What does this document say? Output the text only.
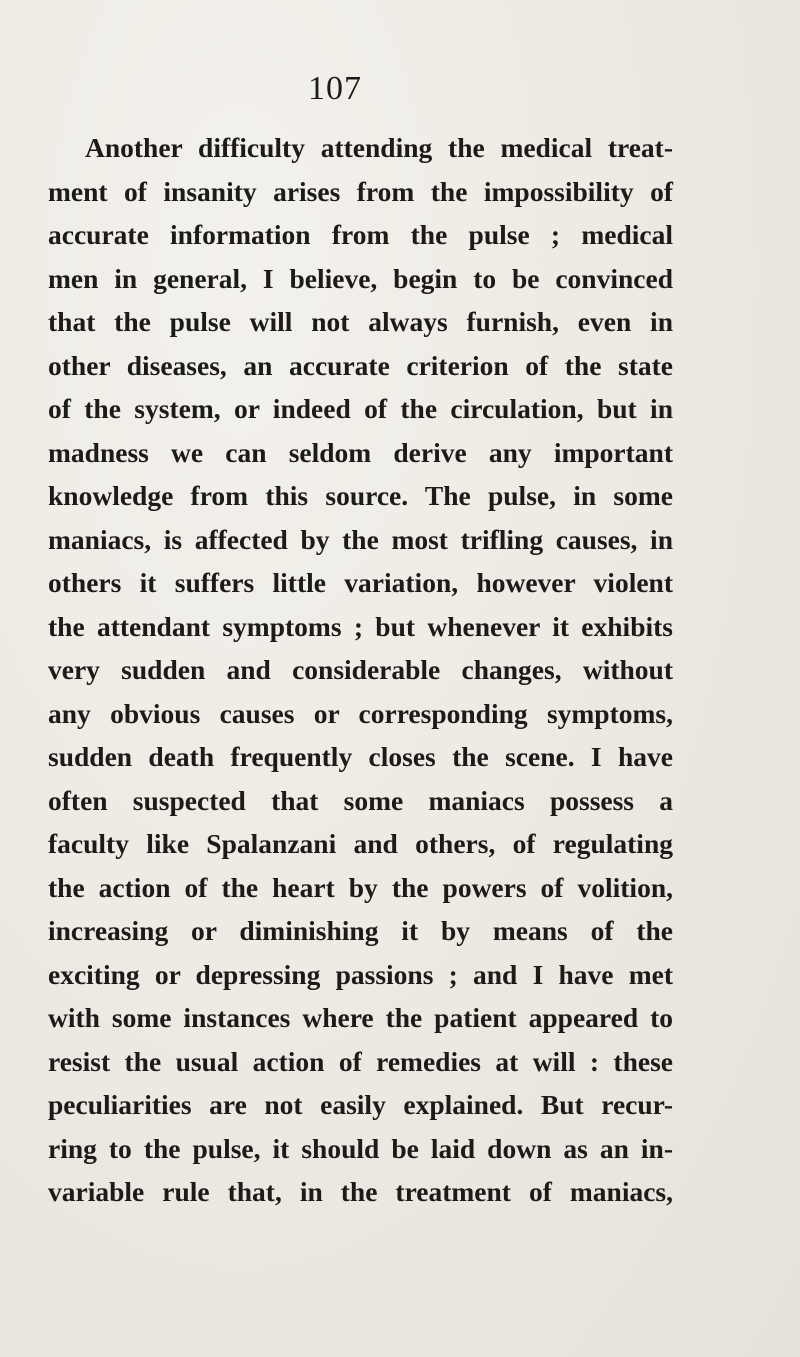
107
Another difficulty attending the medical treat-
ment of insanity arises from the impossibility of
accurate information from the pulse ; medical
men in general, I believe, begin to be convinced
that the pulse will not always furnish, even in
other diseases, an accurate criterion of the state
of the system, or indeed of the circulation, but in
madness we can seldom derive any important
knowledge from this source. The pulse, in some
maniacs, is affected by the most trifling causes, in
others it suffers little variation, however violent
the attendant symptoms ; but whenever it exhibits
very sudden and considerable changes, without
any obvious causes or corresponding symptoms,
sudden death frequently closes the scene. I have
often suspected that some maniacs possess a
faculty like Spalanzani and others, of regulating
the action of the heart by the powers of volition,
increasing or diminishing it by means of the
exciting or depressing passions ; and I have met
with some instances where the patient appeared to
resist the usual action of remedies at will : these
peculiarities are not easily explained. But recur-
ring to the pulse, it should be laid down as an in-
variable rule that, in the treatment of maniacs,
